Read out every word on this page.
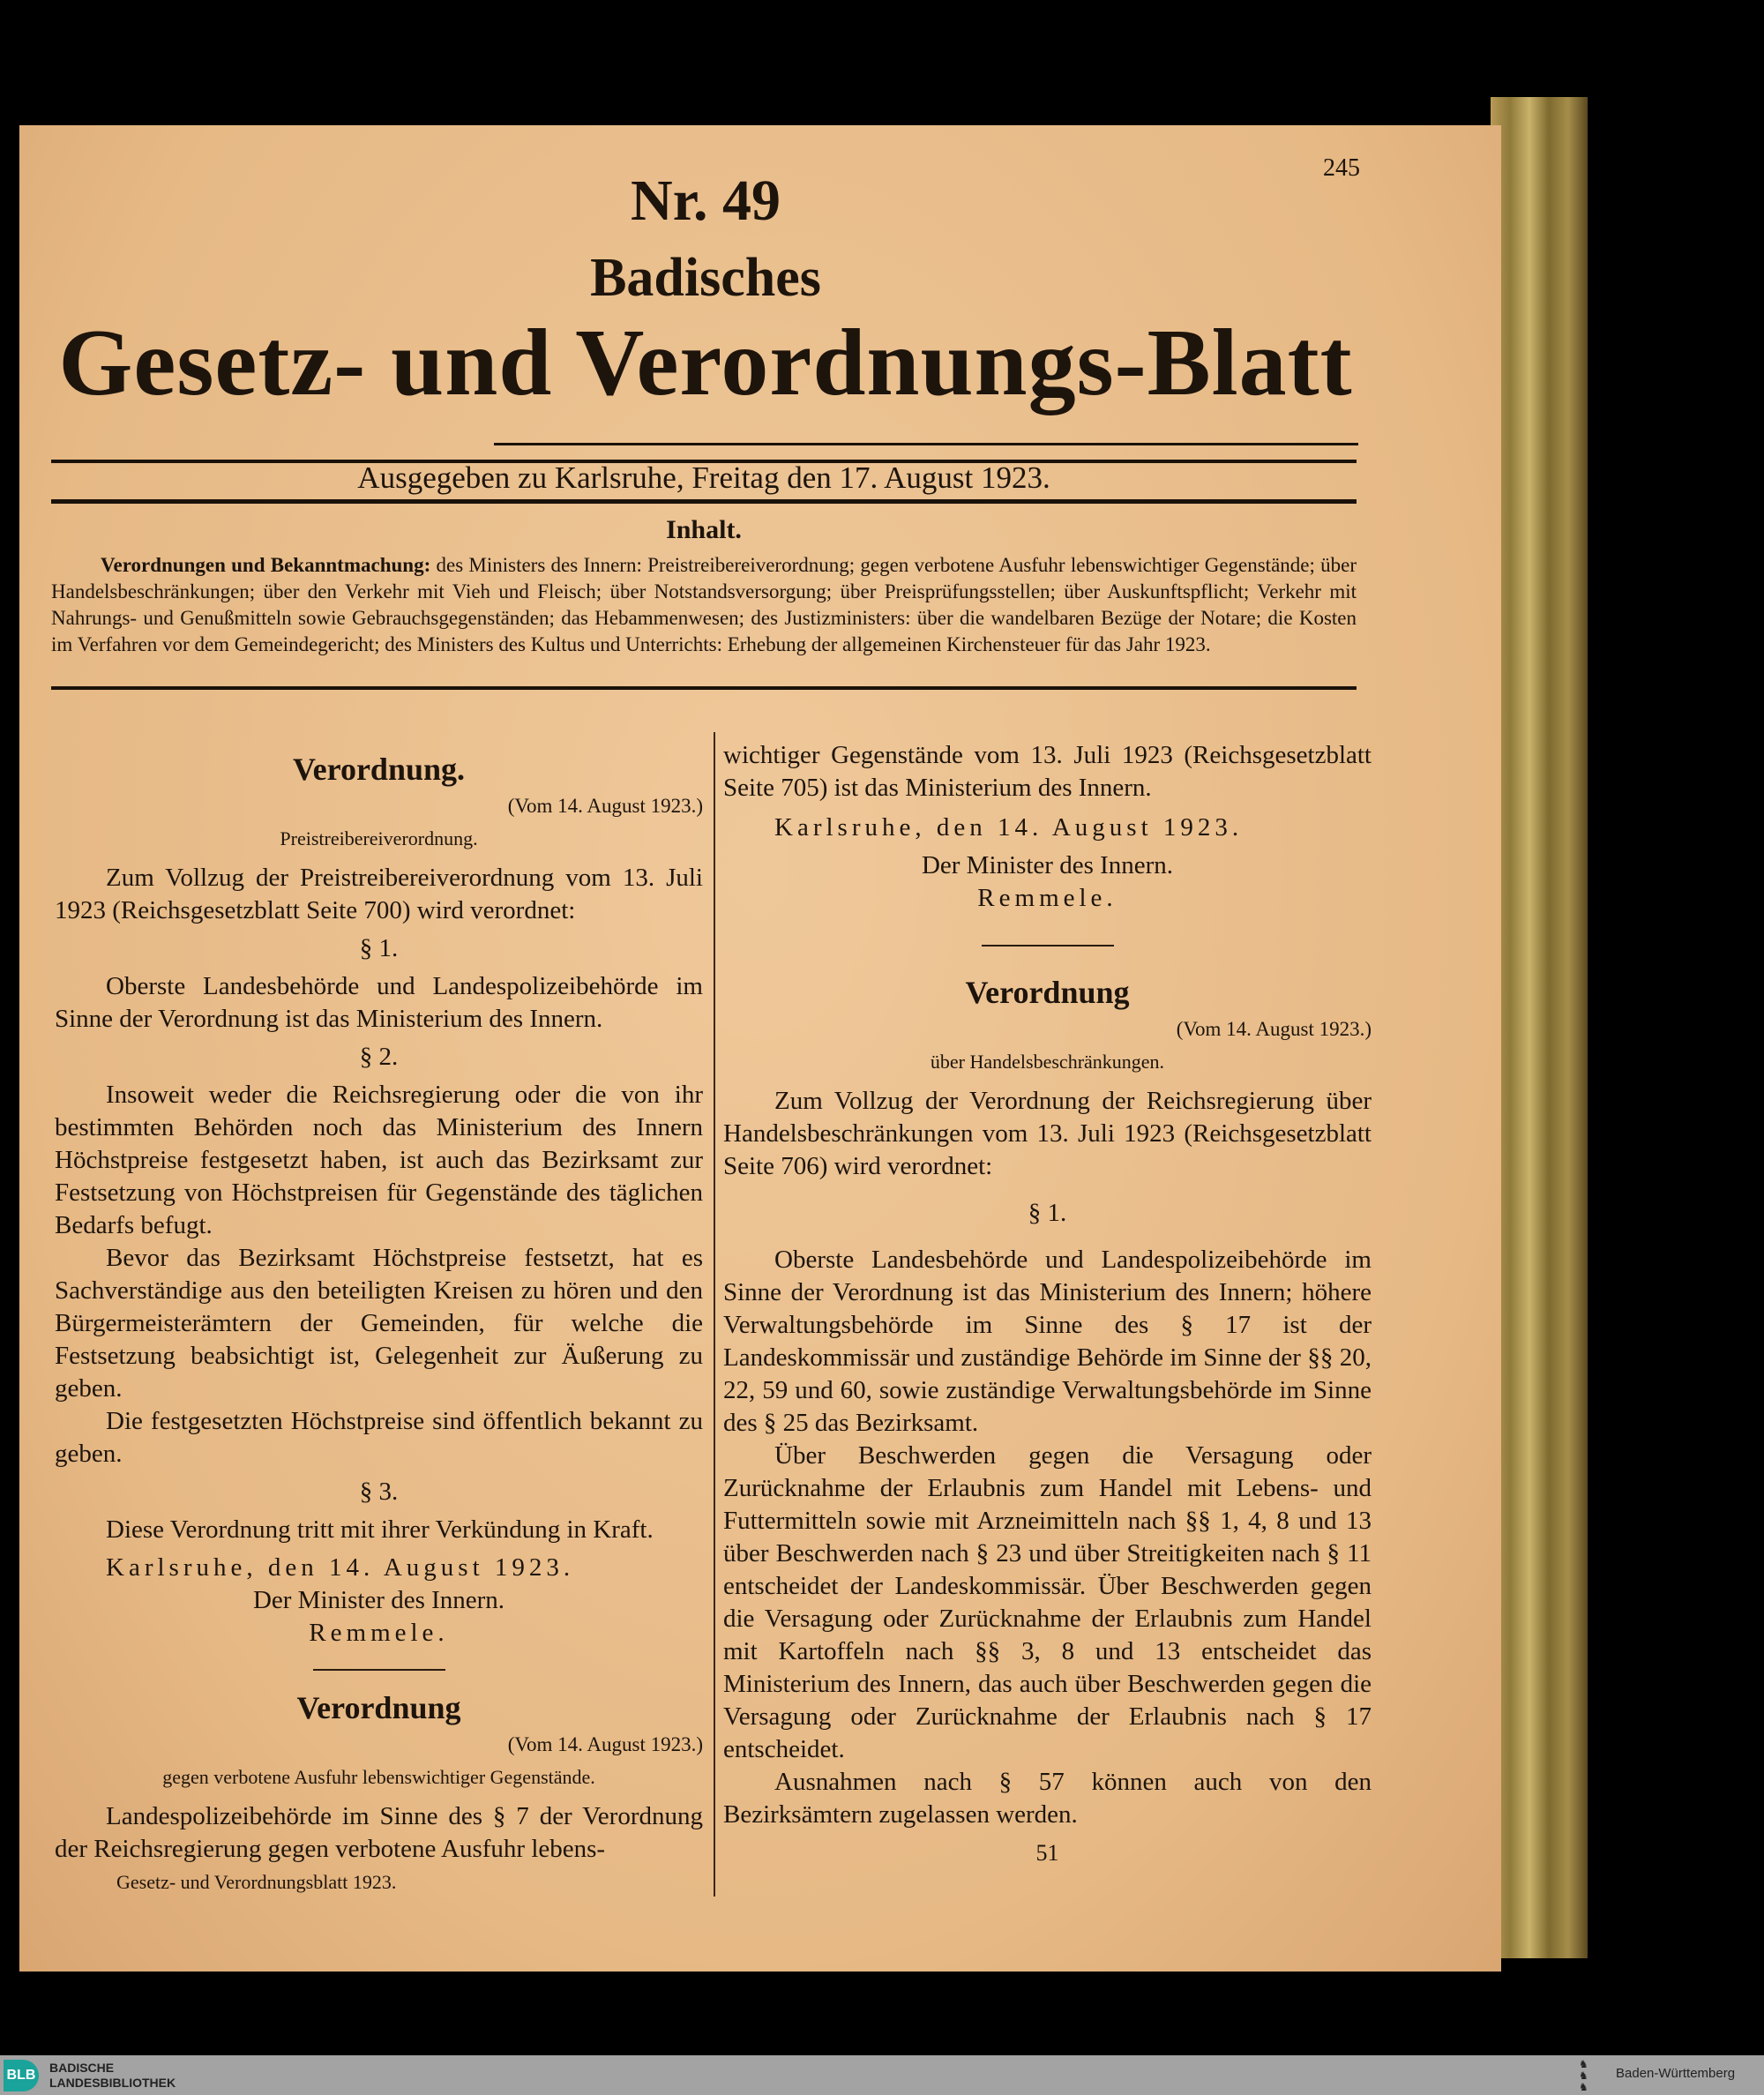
245
Nr. 49
Badisches
Gesetz- und Verordnungs-Blatt
Ausgegeben zu Karlsruhe, Freitag den 17. August 1923.
Inhalt.
Verordnungen und Bekanntmachung: des Ministers des Innern: Preistreibereiverordnung; gegen verbotene Ausfuhr lebenswichtiger Gegenstände; über Handelsbeschränkungen; über den Verkehr mit Vieh und Fleisch; über Notstandsversorgung; über Preisprüfungsstellen; über Auskunftspflicht; Verkehr mit Nahrungs- und Genußmitteln sowie Gebrauchsgegenständen; das Hebammenwesen; des Justizministers: über die wandelbaren Bezüge der Notare; die Kosten im Verfahren vor dem Gemeindegericht; des Ministers des Kultus und Unterrichts: Erhebung der allgemeinen Kirchensteuer für das Jahr 1923.

Verordnung.

(Vom 14. August 1923.)

Preistreibereiverordnung.

Zum Vollzug der Preistreibereiverordnung vom 13. Juli 1923 (Reichsgesetzblatt Seite 700) wird verordnet:

§ 1.

Oberste Landesbehörde und Landespolizeibehörde im Sinne der Verordnung ist das Ministerium des Innern.

§ 2.

Insoweit weder die Reichsregierung oder die von ihr bestimmten Behörden noch das Ministerium des Innern Höchstpreise festgesetzt haben, ist auch das Bezirksamt zur Festsetzung von Höchstpreisen für Gegenstände des täglichen Bedarfs befugt.

Bevor das Bezirksamt Höchstpreise festsetzt, hat es Sachverständige aus den beteiligten Kreisen zu hören und den Bürgermeisterämtern der Gemeinden, für welche die Festsetzung beabsichtigt ist, Gelegenheit zur Äußerung zu geben.

Die festgesetzten Höchstpreise sind öffentlich bekannt zu geben.

§ 3.

Diese Verordnung tritt mit ihrer Verkündung in Kraft.

Karlsruhe, den 14. August 1923.

Der Minister des Innern.

Remmele.

Verordnung

(Vom 14. August 1923.)

gegen verbotene Ausfuhr lebenswichtiger Gegenstände.

Landespolizeibehörde im Sinne des § 7 der Verordnung der Reichsregierung gegen verbotene Ausfuhr lebens-

Gesetz- und Verordnungsblatt 1923.

wichtiger Gegenstände vom 13. Juli 1923 (Reichsgesetzblatt Seite 705) ist das Ministerium des Innern.

Karlsruhe, den 14. August 1923.

Der Minister des Innern.

Remmele.

Verordnung

(Vom 14. August 1923.)

über Handelsbeschränkungen.

Zum Vollzug der Verordnung der Reichsregierung über Handelsbeschränkungen vom 13. Juli 1923 (Reichsgesetzblatt Seite 706) wird verordnet:

§ 1.

Oberste Landesbehörde und Landespolizeibehörde im Sinne der Verordnung ist das Ministerium des Innern; höhere Verwaltungsbehörde im Sinne des § 17 ist der Landeskommissär und zuständige Behörde im Sinne der §§ 20, 22, 59 und 60, sowie zuständige Verwaltungsbehörde im Sinne des § 25 das Bezirksamt.

Über Beschwerden gegen die Versagung oder Zurücknahme der Erlaubnis zum Handel mit Lebens- und Futtermitteln sowie mit Arzneimitteln nach §§ 1, 4, 8 und 13 über Beschwerden nach § 23 und über Streitigkeiten nach § 11 entscheidet der Landeskommissär. Über Beschwerden gegen die Versagung oder Zurücknahme der Erlaubnis zum Handel mit Kartoffeln nach §§ 3, 8 und 13 entscheidet das Ministerium des Innern, das auch über Beschwerden gegen die Versagung oder Zurücknahme der Erlaubnis nach § 17 entscheidet.

Ausnahmen nach § 57 können auch von den Bezirksämtern zugelassen werden.

51

BLB BADISCHE
LANDESBIBLIOTHEK
♞
♞
♞
Baden-Württemberg
